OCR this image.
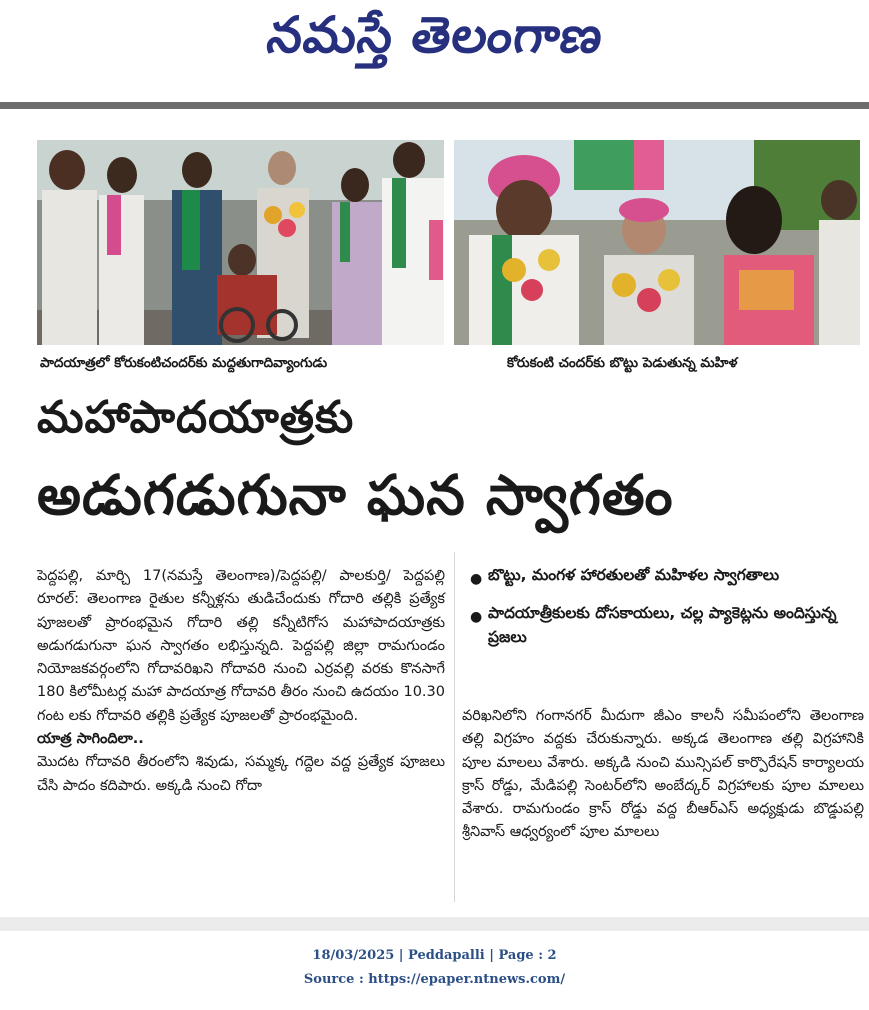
నమస్తే తెలంగాణ
పాదయాత్రలో కోరుకంటిచందర్‌కు మద్దతుగాదివ్యాంగుడు	కోరుకంటి చందర్‌కు బొట్టు పెడుతున్న మహిళ
మహాపాదయాత్రకు
అడుగడుగునా ఘన స్వాగతం

పెద్దపల్లి, మార్చి 17(నమస్తే తెలంగాణ)/పెద్దపల్లి/ పాలకుర్తి/ పెద్దపల్లి రూరల్: తెలంగాణ రైతుల కన్నీళ్లను తుడిచేందుకు గోదారి తల్లికి ప్రత్యేక పూజలతో ప్రారంభమైన గోదారి తల్లి కన్నీటిగోస మహాపాదయాత్రకు అడుగడుగునా ఘన స్వాగతం లభిస్తున్నది. పెద్దపల్లి జిల్లా రామగుండం నియోజకవర్గంలోని గోదావరిఖని గోదావరి నుంచి ఎర్రవల్లి వరకు కొనసాగే 180 కిలోమీటర్ల మహా పాదయాత్ర గోదావరి తీరం నుంచి ఉదయం 10.30 గంట లకు గోదావరి తల్లికి ప్రత్యేక పూజలతో ప్రారంభమైంది.

యాత్ర సాగిందిలా..

మొదట గోదావరి తీరంలోని శివుడు, సమ్మక్క గద్దెల వద్ద ప్రత్యేక పూజలు చేసి పాదం కదిపారు. అక్కడి నుంచి గోదా

● బొట్టు, మంగళ హారతులతో మహిళల స్వాగతాలు
● పాదయాత్రీకులకు దోసకాయలు, చల్ల ప్యాకెట్లను అందిస్తున్న ప్రజలు
వరిఖనిలోని గంగానగర్ మీదుగా జీఎం కాలనీ సమీపంలోని తెలంగాణ తల్లి విగ్రహం వద్దకు చేరుకున్నారు. అక్కడ తెలంగాణ తల్లి విగ్రహానికి పూల మాలలు వేశారు. అక్కడి నుంచి మున్సిపల్ కార్పొరేషన్ కార్యాలయ క్రాస్ రోడ్డు, మేడిపల్లి సెంటర్‌లోని అంబేద్కర్ విగ్రహాలకు పూల మాలలు వేశారు. రామగుండం క్రాస్ రోడ్డు వద్ద బీఆర్ఎస్ అధ్యక్షుడు బొడ్డుపల్లి శ్రీనివాస్ ఆధ్వర్యంలో పూల మాలలు
18/03/2025 | Peddapalli | Page : 2
Source : https://epaper.ntnews.com/
